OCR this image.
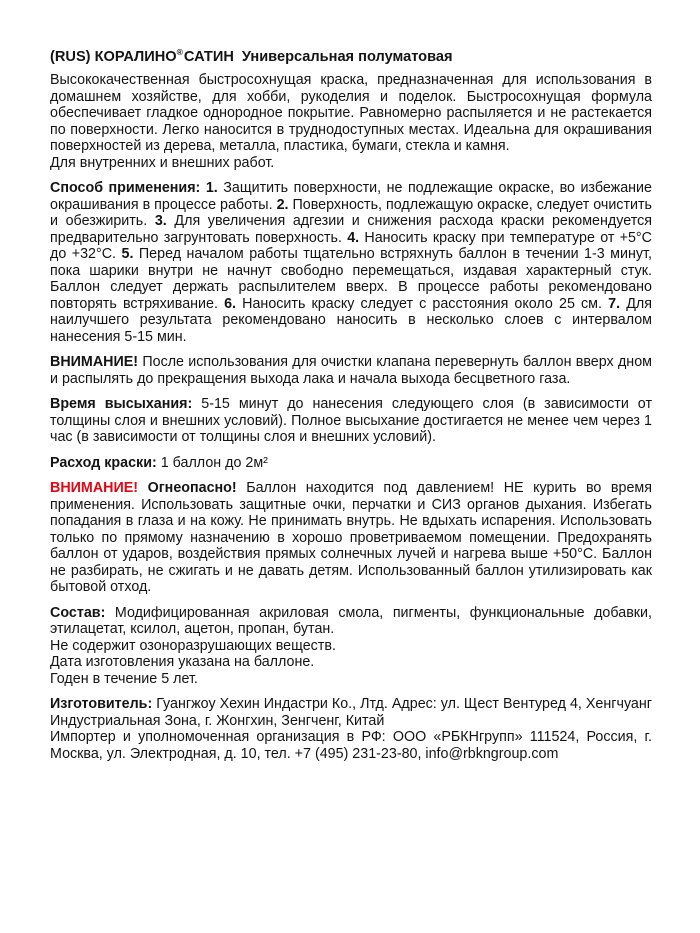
(RUS) КОРАЛИНО®САТИН Универсальная полуматовая

Высококачественная быстросохнущая краска, предназначенная для использования в домашнем хозяйстве, для хобби, рукоделия и поделок. Быстросохнущая формула обеспечивает гладкое однородное покрытие. Равномерно распыляется и не растекается по поверхности. Легко наносится в труднодоступных местах. Идеальна для окрашивания поверхностей из дерева, металла, пластика, бумаги, стекла и камня.

Для внутренних и внешних работ.

Способ применения: 1. Защитить поверхности, не подлежащие окраске, во избежание окрашивания в процессе работы. 2. Поверхность, подлежащую окраске, следует очистить и обезжирить. 3. Для увеличения адгезии и снижения расхода краски рекомендуется предварительно загрунтовать поверхность. 4. Наносить краску при температуре от +5°С до +32°С. 5. Перед началом работы тщательно встряхнуть баллон в течении 1-3 минут, пока шарики внутри не начнут свободно перемещаться, издавая характерный стук. Баллон следует держать распылителем вверх. В процессе работы рекомендовано повторять встряхивание. 6. Наносить краску следует с расстояния около 25 см. 7. Для наилучшего результата рекомендовано наносить в несколько слоев с интервалом нанесения 5-15 мин.

ВНИМАНИЕ! После использования для очистки клапана перевернуть баллон вверх дном и распылять до прекращения выхода лака и начала выхода бесцветного газа.

Время высыхания: 5-15 минут до нанесения следующего слоя (в зависимости от толщины слоя и внешних условий). Полное высыхание достигается не менее чем через 1 час (в зависимости от толщины слоя и внешних условий).

Расход краски: 1 баллон до 2м²

ВНИМАНИЕ! Огнеопасно! Баллон находится под давлением! НЕ курить во время применения. Использовать защитные очки, перчатки и СИЗ органов дыхания. Избегать попадания в глаза и на кожу. Не принимать внутрь. Не вдыхать испарения. Использовать только по прямому назначению в хорошо проветриваемом помещении. Предохранять баллон от ударов, воздействия прямых солнечных лучей и нагрева выше +50°С. Баллон не разбирать, не сжигать и не давать детям. Использованный баллон утилизировать как бытовой отход.

Состав: Модифицированная акриловая смола, пигменты, функциональные добавки, этилацетат, ксилол, ацетон, пропан, бутан.

Не содержит озоноразрушающих веществ.

Дата изготовления указана на баллоне.

Годен в течение 5 лет.

Изготовитель: Гуангжоу Хехин Индастри Ко., Лтд. Адрес: ул. Щест Вентуред 4, Хенгчуанг Индустриальная Зона, г. Жонгхин, Зенгченг, Китай

Импортер и уполномоченная организация в РФ: ООО «РБКНгрупп» 111524, Россия, г. Москва, ул. Электродная, д. 10, тел. +7 (495) 231-23-80, info@rbkngroup.com
